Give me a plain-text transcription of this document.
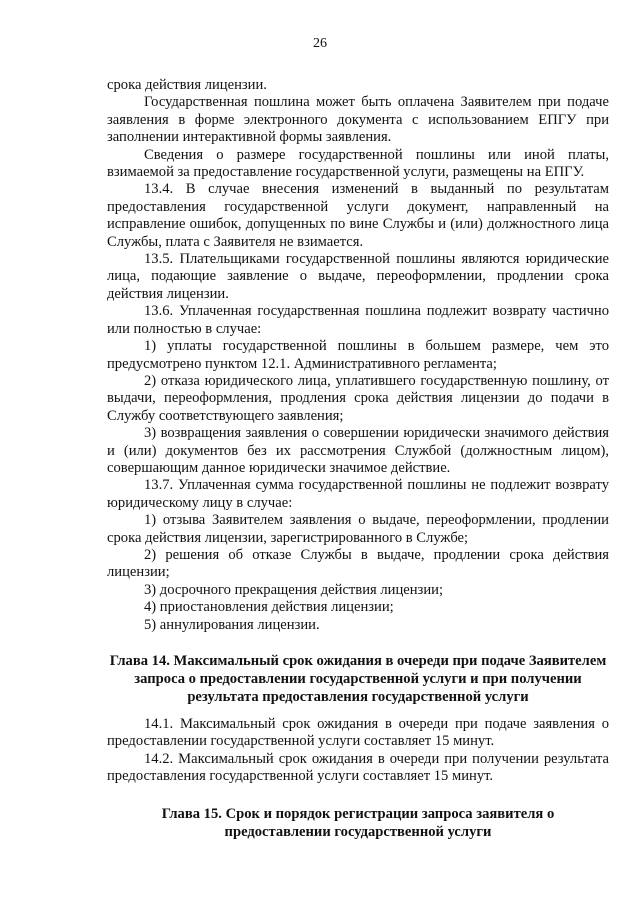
26

срока действия лицензии.

Государственная пошлина может быть оплачена Заявителем при подаче заявления в форме электронного документа с использованием ЕПГУ при заполнении интерактивной формы заявления.

Сведения о размере государственной пошлины или иной платы, взимаемой за предоставление государственной услуги, размещены на ЕПГУ.

13.4. В случае внесения изменений в выданный по результатам предоставления государственной услуги документ, направленный на исправление ошибок, допущенных по вине Службы и (или) должностного лица Службы, плата с Заявителя не взимается.

13.5. Плательщиками государственной пошлины являются юридические лица, подающие заявление о выдаче, переоформлении, продлении срока действия лицензии.

13.6. Уплаченная государственная пошлина подлежит возврату частично или полностью в случае:

1) уплаты государственной пошлины в большем размере, чем это предусмотрено пунктом 12.1. Административного регламента;

2) отказа юридического лица, уплатившего государственную пошлину, от выдачи, переоформления, продления срока действия лицензии до подачи в Службу соответствующего заявления;

3) возвращения заявления о совершении юридически значимого действия и (или) документов без их рассмотрения Службой (должностным лицом), совершающим данное юридически значимое действие.

13.7. Уплаченная сумма государственной пошлины не подлежит возврату юридическому лицу в случае:

1) отзыва Заявителем заявления о выдаче, переоформлении, продлении срока действия лицензии, зарегистрированного в Службе;

2) решения об отказе Службы в выдаче, продлении срока действия лицензии;

3) досрочного прекращения действия лицензии;

4) приостановления действия лицензии;

5) аннулирования лицензии.

Глава 14. Максимальный срок ожидания в очереди при подаче Заявителем запроса о предоставлении государственной услуги и при получении результата предоставления государственной услуги

14.1. Максимальный срок ожидания в очереди при подаче заявления о предоставлении государственной услуги составляет 15 минут.

14.2. Максимальный срок ожидания в очереди при получении результата предоставления государственной услуги составляет 15 минут.

Глава 15. Срок и порядок регистрации запроса заявителя о предоставлении государственной услуги
